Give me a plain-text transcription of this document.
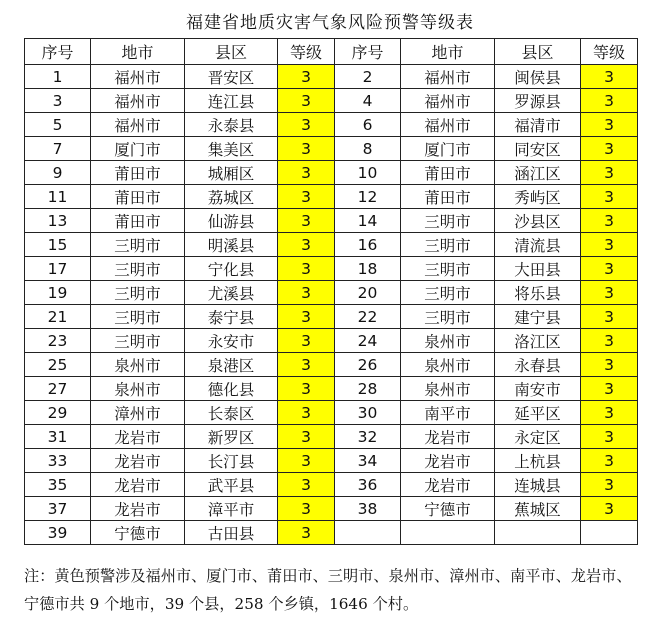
福建省地质灾害气象风险预警等级表
序号	地市	县区	等级	序号	地市	县区	等级
1	福州市	晋安区	3	2	福州市	闽侯县	3
3	福州市	连江县	3	4	福州市	罗源县	3
5	福州市	永泰县	3	6	福州市	福清市	3
7	厦门市	集美区	3	8	厦门市	同安区	3
9	莆田市	城厢区	3	10	莆田市	涵江区	3
11	莆田市	荔城区	3	12	莆田市	秀屿区	3
13	莆田市	仙游县	3	14	三明市	沙县区	3
15	三明市	明溪县	3	16	三明市	清流县	3
17	三明市	宁化县	3	18	三明市	大田县	3
19	三明市	尤溪县	3	20	三明市	将乐县	3
21	三明市	泰宁县	3	22	三明市	建宁县	3
23	三明市	永安市	3	24	泉州市	洛江区	3
25	泉州市	泉港区	3	26	泉州市	永春县	3
27	泉州市	德化县	3	28	泉州市	南安市	3
29	漳州市	长泰区	3	30	南平市	延平区	3
31	龙岩市	新罗区	3	32	龙岩市	永定区	3
33	龙岩市	长汀县	3	34	龙岩市	上杭县	3
35	龙岩市	武平县	3	36	龙岩市	连城县	3
37	龙岩市	漳平市	3	38	宁德市	蕉城区	3
39	宁德市	古田县	3				
注：黄色预警涉及福州市、厦门市、莆田市、三明市、泉州市、漳州市、南平市、龙岩市、宁德市共 9 个地市，39 个县，258 个乡镇，1646 个村。
